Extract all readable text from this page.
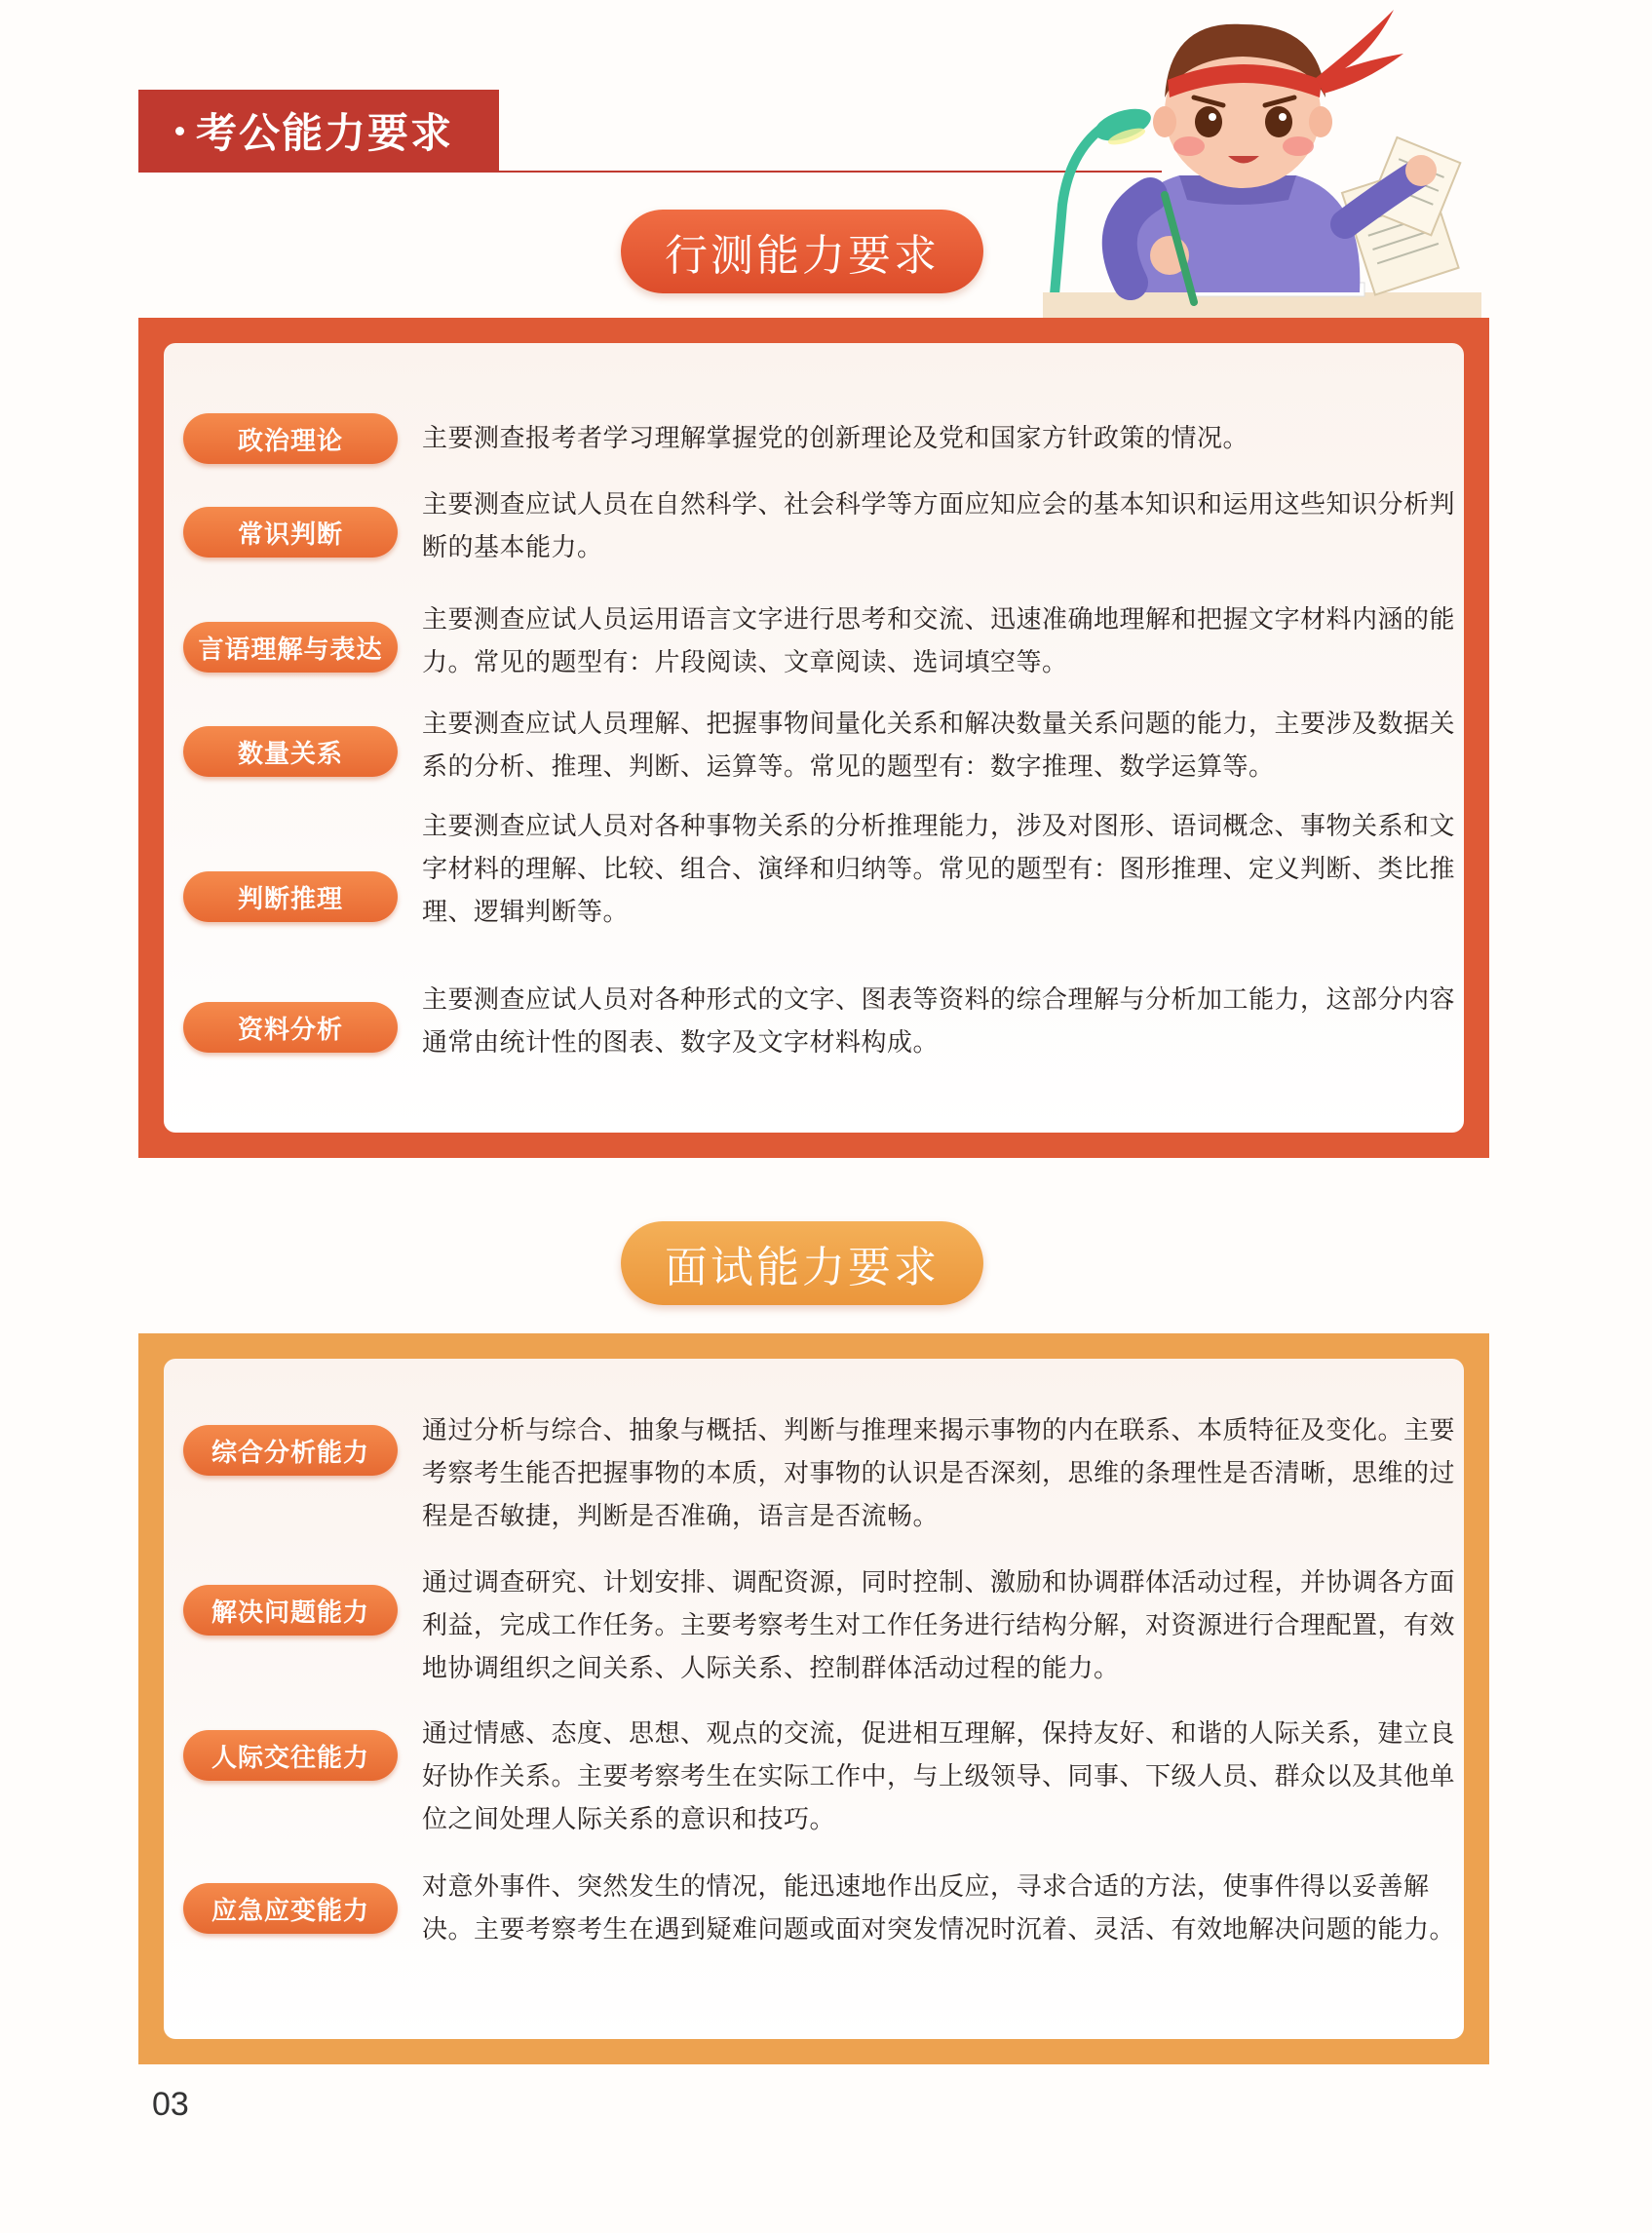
考公能力要求
行测能力要求
政治理论	主要测查报考者学习理解掌握党的创新理论及党和国家方针政策的情况。

常识判断

主要测查应试人员在自然科学、社会科学等方面应知应会的基本知识和运用这些知识分析判断的基本能力。

言语理解与表达

主要测查应试人员运用语言文字进行思考和交流、迅速准确地理解和把握文字材料内涵的能力。常见的题型有：片段阅读、文章阅读、选词填空等。

数量关系

主要测查应试人员理解、把握事物间量化关系和解决数量关系问题的能力，主要涉及数据关系的分析、推理、判断、运算等。常见的题型有：数字推理、数学运算等。

判断推理

主要测查应试人员对各种事物关系的分析推理能力，涉及对图形、语词概念、事物关系和文字材料的理解、比较、组合、演绎和归纳等。常见的题型有：图形推理、定义判断、类比推理、逻辑判断等。

资料分析

主要测查应试人员对各种形式的文字、图表等资料的综合理解与分析加工能力，这部分内容通常由统计性的图表、数字及文字材料构成。

面试能力要求
综合分析能力

通过分析与综合、抽象与概括、判断与推理来揭示事物的内在联系、本质特征及变化。主要考察考生能否把握事物的本质，对事物的认识是否深刻，思维的条理性是否清晰，思维的过程是否敏捷，判断是否准确，语言是否流畅。

解决问题能力

通过调查研究、计划安排、调配资源，同时控制、激励和协调群体活动过程，并协调各方面利益，完成工作任务。主要考察考生对工作任务进行结构分解，对资源进行合理配置，有效地协调组织之间关系、人际关系、控制群体活动过程的能力。

人际交往能力

通过情感、态度、思想、观点的交流，促进相互理解，保持友好、和谐的人际关系，建立良好协作关系。主要考察考生在实际工作中，与上级领导、同事、下级人员、群众以及其他单位之间处理人际关系的意识和技巧。

应急应变能力

对意外事件、突然发生的情况，能迅速地作出反应，寻求合适的方法，使事件得以妥善解决。主要考察考生在遇到疑难问题或面对突发情况时沉着、灵活、有效地解决问题的能力。

03
